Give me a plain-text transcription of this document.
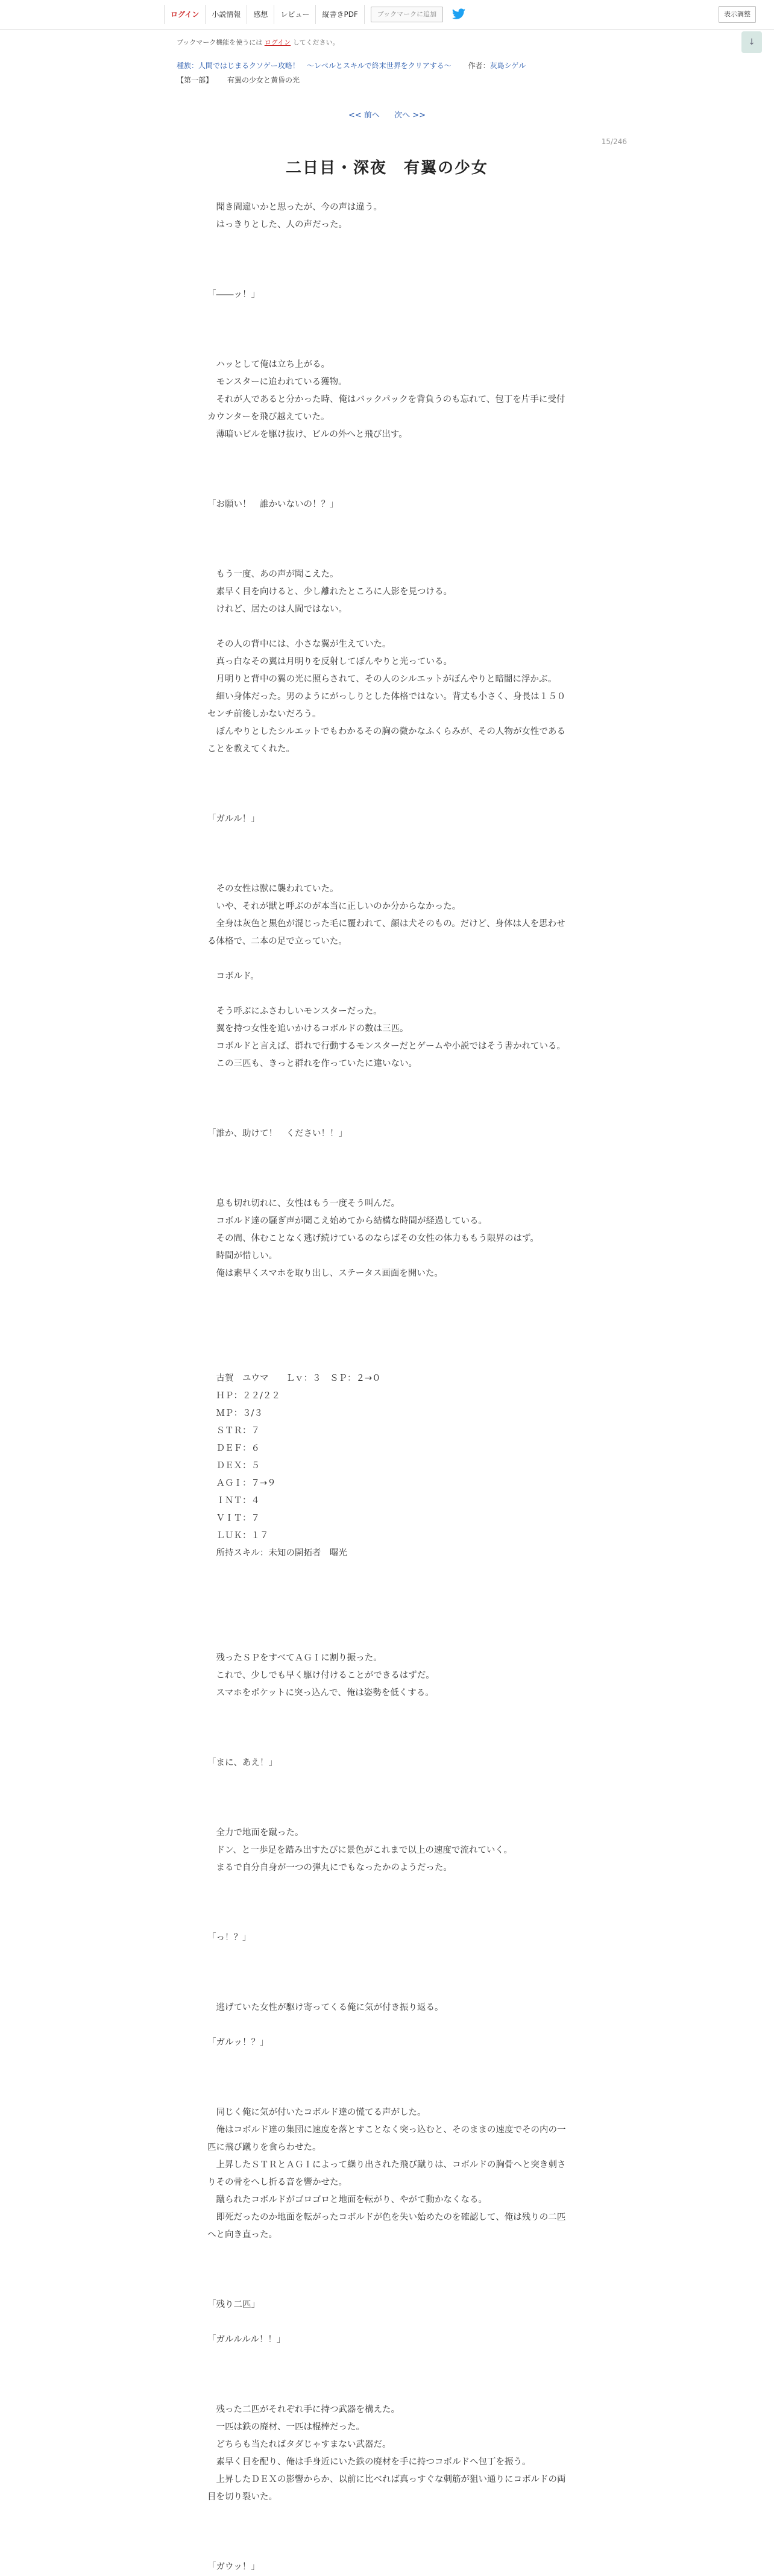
ログイン	小説情報	感想	レビュー	縦書きPDF	ブックマークに追加	表示調整
↓
ブックマーク機能を使うには ログイン してください。
種族：人間ではじまるクソゲー攻略！　～レベルとスキルで終末世界をクリアする～ 作者：灰島シゲル
【第一部】 有翼の少女と黄昏の光
<< 前へ 次へ >>
15/246
二日目・深夜　有翼の少女

　聞き間違いかと思ったが、今の声は違う。

　はっきりとした、人の声だった。

「――ッ！」

　ハッとして俺は立ち上がる。

　モンスターに追われている獲物。

　それが人であると分かった時、俺はバックパックを背負うのも忘れて、包丁を片手に受付カウンターを飛び越えていた。

　薄暗いビルを駆け抜け、ビルの外へと飛び出す。

「お願い！　誰かいないの！？」

　もう一度、あの声が聞こえた。

　素早く目を向けると、少し離れたところに人影を見つける。

　けれど、居たのは人間ではない。

　その人の背中には、小さな翼が生えていた。

　真っ白なその翼は月明りを反射してぼんやりと光っている。

　月明りと背中の翼の光に照らされて、その人のシルエットがぼんやりと暗闇に浮かぶ。

　細い身体だった。男のようにがっしりとした体格ではない。背丈も小さく、身長は１５０センチ前後しかないだろう。

　ぼんやりとしたシルエットでもわかるその胸の微かなふくらみが、その人物が女性であることを教えてくれた。

「ガルル！」

　その女性は獣に襲われていた。

　いや、それが獣と呼ぶのが本当に正しいのか分からなかった。

　全身は灰色と黒色が混じった毛に覆われて、顔は犬そのもの。だけど、身体は人を思わせる体格で、二本の足で立っていた。

　コボルド。

　そう呼ぶにふさわしいモンスターだった。

　翼を持つ女性を追いかけるコボルドの数は三匹。

　コボルドと言えば、群れで行動するモンスターだとゲームや小説ではそう書かれている。

　この三匹も、きっと群れを作っていたに違いない。

「誰か、助けて！　ください！！」

　息も切れ切れに、女性はもう一度そう叫んだ。

　コボルド達の騒ぎ声が聞こえ始めてから結構な時間が経過している。

　その間、休むことなく逃げ続けているのならばその女性の体力ももう限界のはず。

　時間が惜しい。

　俺は素早くスマホを取り出し、ステータス画面を開いた。

　古賀　ユウマ　　Ｌｖ：３　ＳＰ：２→０

　ＨＰ：２２/２２

　ＭＰ：３/３

　ＳＴＲ：７

　ＤＥＦ：６

　ＤＥＸ：５

　ＡＧＩ：７→９

　ＩＮＴ：４

　ＶＩＴ：７

　ＬＵＫ：１７

　所持スキル：未知の開拓者　曙光

　残ったＳＰをすべてＡＧＩに割り振った。

　これで、少しでも早く駆け付けることができるはずだ。

　スマホをポケットに突っ込んで、俺は姿勢を低くする。

「まに、あえ！」

　全力で地面を蹴った。

　ドン、と一歩足を踏み出すたびに景色がこれまで以上の速度で流れていく。

　まるで自分自身が一つの弾丸にでもなったかのようだった。

「っ！？」

　逃げていた女性が駆け寄ってくる俺に気が付き振り返る。

「ガルッ！？」

　同じく俺に気が付いたコボルド達の慌てる声がした。

　俺はコボルド達の集団に速度を落とすことなく突っ込むと、そのままの速度でその内の一匹に飛び蹴りを食らわせた。

　上昇したＳＴＲとＡＧＩによって繰り出された飛び蹴りは、コボルドの胸骨へと突き刺さりその骨をへし折る音を響かせた。

　蹴られたコボルドがゴロゴロと地面を転がり、やがて動かなくなる。

　即死だったのか地面を転がったコボルドが色を失い始めたのを確認して、俺は残りの二匹へと向き直った。

「残り二匹」

「ガルルルル！！」

　残った二匹がそれぞれ手に持つ武器を構えた。

　一匹は鉄の廃材、一匹は棍棒だった。

　どちらも当たればタダじゃすまない武器だ。

　素早く目を配り、俺は手身近にいた鉄の廃材を手に持つコボルドへ包丁を振う。

　上昇したＤＥＸの影響からか、以前に比べれば真っすぐな刺筋が狙い通りにコボルドの両目を切り裂いた。

「ガウッ！」
